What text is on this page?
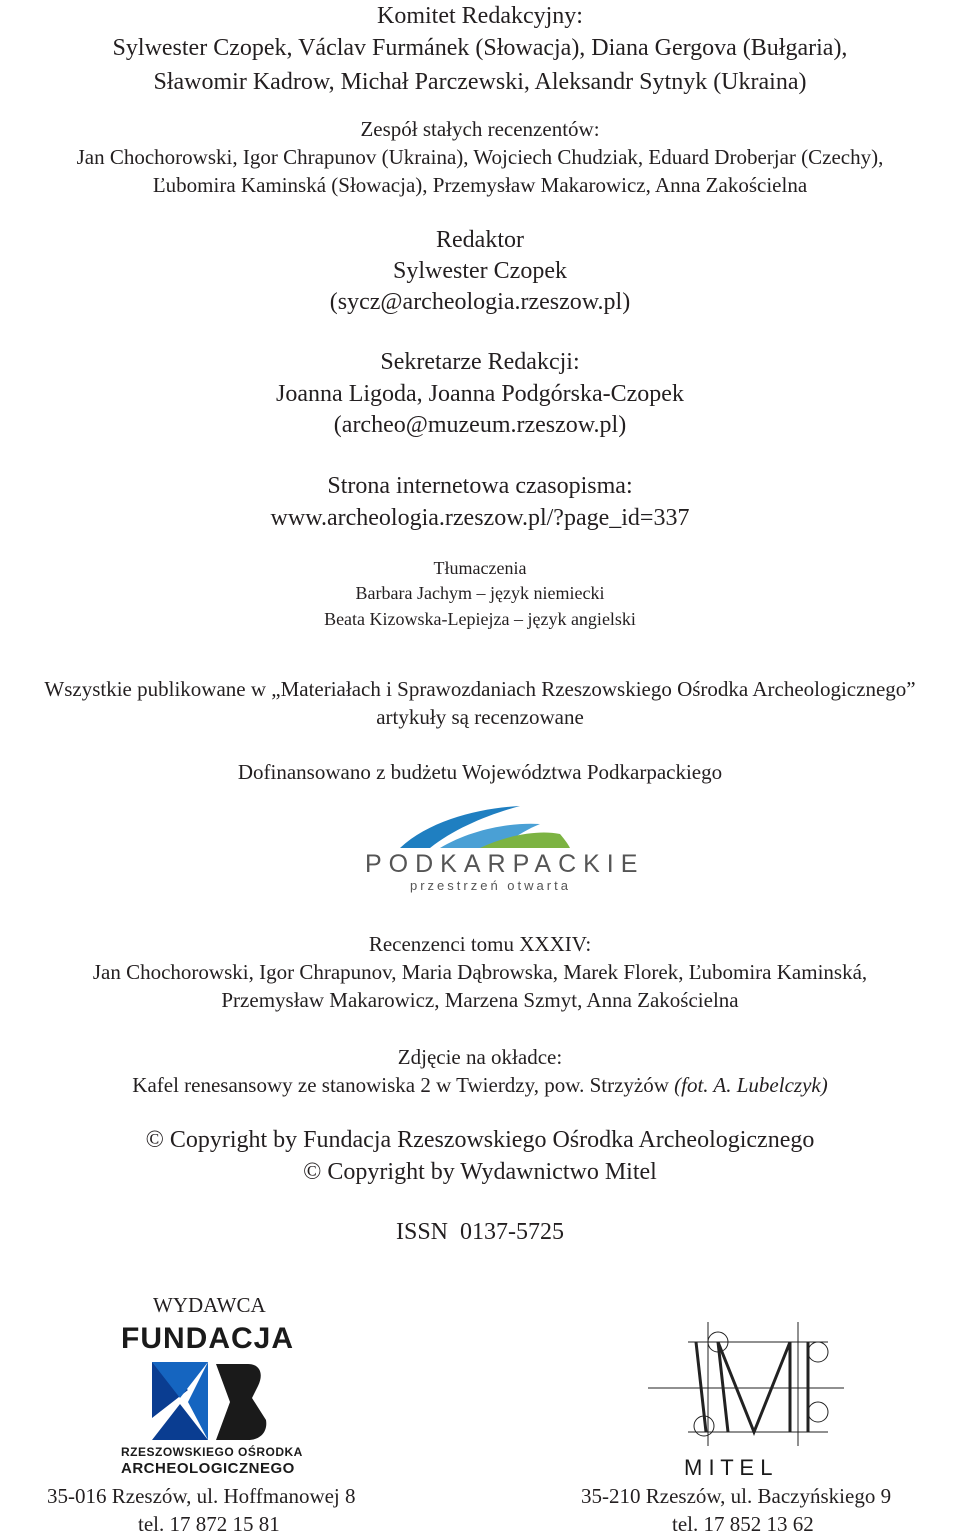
Komitet Redakcyjny:
Sylwester Czopek, Václav Furmánek (Słowacja), Diana Gergova (Bułgaria),
Sławomir Kadrow, Michał Parczewski, Aleksandr Sytnyk (Ukraina)
Zespół stałych recenzentów:
Jan Chochorowski, Igor Chrapunov (Ukraina), Wojciech Chudziak, Eduard Droberjar (Czechy),
Ľubomira Kaminská (Słowacja), Przemysław Makarowicz, Anna Zakościelna
Redaktor
Sylwester Czopek
(sycz@archeologia.rzeszow.pl)
Sekretarze Redakcji:
Joanna Ligoda, Joanna Podgórska-Czopek
(archeo@muzeum.rzeszow.pl)
Strona internetowa czasopisma:
www.archeologia.rzeszow.pl/?page_id=337
Tłumaczenia
Barbara Jachym – język niemiecki
Beata Kizowska-Lepiejza – język angielski
Wszystkie publikowane w „Materiałach i Sprawozdaniach Rzeszowskiego Ośrodka Archeologicznego”
artykuły są recenzowane
Dofinansowano z budżetu Województwa Podkarpackiego
PODKARPACKIE
przestrzeń otwarta
Recenzenci tomu XXXIV:
Jan Chochorowski, Igor Chrapunov, Maria Dąbrowska, Marek Florek, Ľubomira Kaminská,
Przemysław Makarowicz, Marzena Szmyt, Anna Zakościelna
Zdjęcie na okładce:
Kafel renesansowy ze stanowiska 2 w Twierdzy, pow. Strzyżów (fot. A. Lubelczyk)
© Copyright by Fundacja Rzeszowskiego Ośrodka Archeologicznego
© Copyright by Wydawnictwo Mitel
ISSN  0137-5725
WYDAWCA
FUNDACJA
RZESZOWSKIEGO OŚRODKA
ARCHEOLOGICZNEGO
35-016 Rzeszów, ul. Hoffmanowej 8
tel. 17 872 15 81
M I T E L
35-210 Rzeszów, ul. Baczyńskiego 9
tel. 17 852 13 62
